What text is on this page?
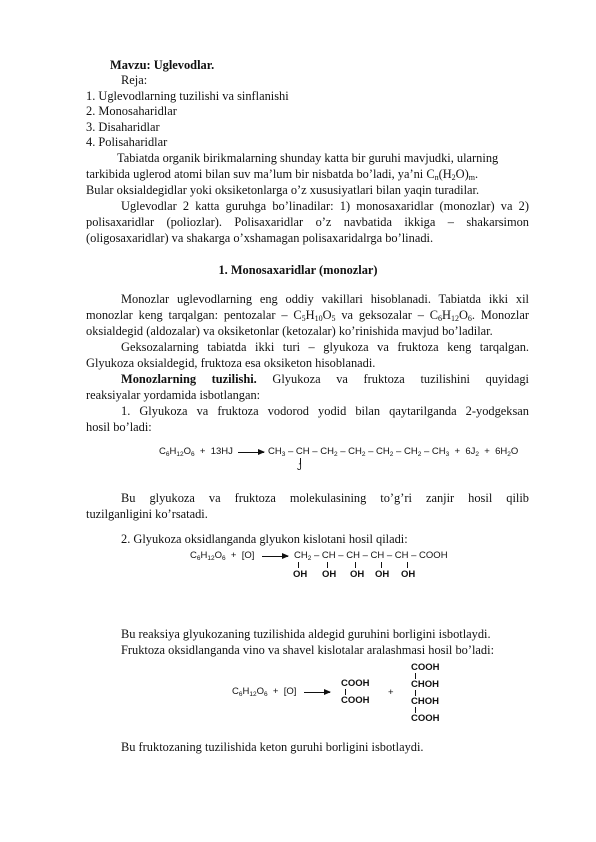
Mavzu: Uglevodlar.
Reja:
1. Uglevodlarning tuzilishi va sinflanishi
2. Monosaharidlar
3. Disaharidlar
4. Polisaharidlar
Tabiatda organik birikmalarning shunday katta bir guruhi mavjudki, ularning
tarkibida uglerod atomi bilan suv ma’lum bir nisbatda bo’ladi, ya’ni $C_n(H_2O)_m$.
Bular oksialdegidlar yoki oksiketonlarga o’z xususiyatlari bilan yaqin turadilar.
Uglevodlar 2 katta guruhga bo’linadilar: 1) monosaxaridlar (monozlar) va 2)
polisaxaridlar (poliozlar). Polisaxaridlar o’z navbatida ikkiga – shakarsimon
(oligosaxaridlar) va shakarga o’xshamagan polisaxaridalrga bo’linadi.
1. Monosaxaridlar (monozlar)
Monozlar uglevodlarning eng oddiy vakillari hisoblanadi. Tabiatda ikki xil
monozlar keng tarqalgan: pentozalar – $C_5H_{10}O_5$ va geksozalar – $C_6H_{12}O_6$. Monozlar
oksialdegid (aldozalar) va oksiketonlar (ketozalar) ko’rinishida mavjud bo’ladilar.
Geksozalarning tabiatda ikki turi – glyukoza va fruktoza keng tarqalgan.
Glyukoza oksialdegid, fruktoza esa oksiketon hisoblanadi.
Monozlarning tuzilishi. Glyukoza va fruktoza tuzilishini quyidagi
reaksiyalar yordamida isbotlangan:
1. Glyukoza va fruktoza vodorod yodid bilan qaytarilganda 2-yodgeksan
hosil bo’ladi:
$C_6H_{12}O_6 + 13HJ$	$CH_3$ – CH – $CH_2 - CH_2 - CH_2 - CH_2 - CH_3 + 6J_2 + 6H_2O$
J
Bu glyukoza va fruktoza molekulasining to’g’ri zanjir hosil qilib
tuzilganligini ko’rsatadi.
2. Glyukoza oksidlanganda glyukon kislotani hosil qiladi:
$C_6H_{12}O_6 + [O]$	$CH_2$ – CH – CH – CH – CH – COOH
OH OH OH OH OH
Bu reaksiya glyukozaning tuzilishida aldegid guruhini borligini isbotlaydi.
Fruktoza oksidlanganda vino va shavel kislotalar aralashmasi hosil bo’ladi:
$C_6H_{12}O_6 + [O]$
COOH
COOH
+
COOH
CHOH
CHOH
COOH
Bu fruktozaning tuzilishida keton guruhi borligini isbotlaydi.
